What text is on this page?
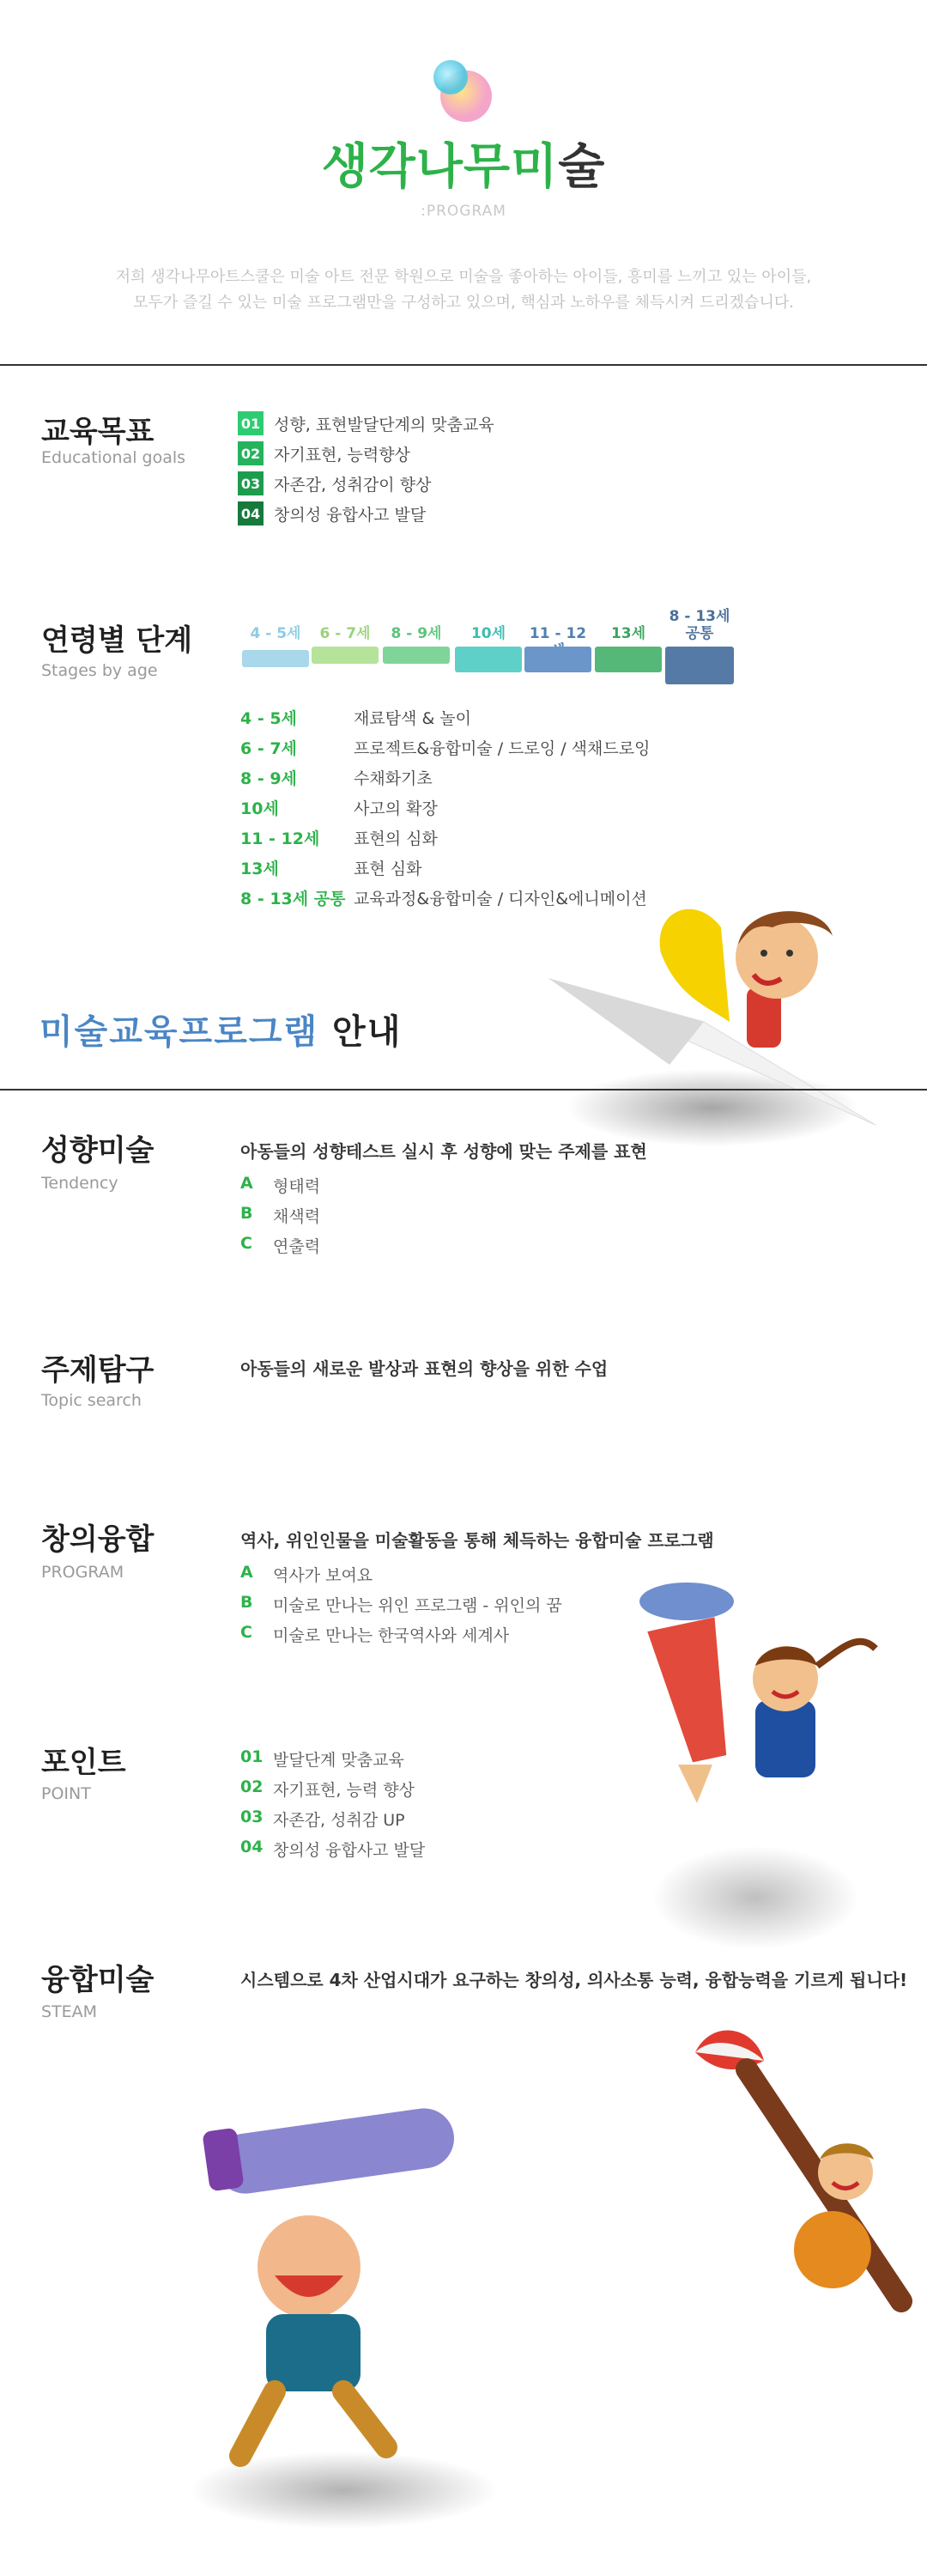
생각나무미술
:PROGRAM
저희 생각나무아트스쿨은 미술 아트 전문 학원으로 미술을 좋아하는 아이들, 흥미를 느끼고 있는 아이들,
모두가 즐길 수 있는 미술 프로그램만을 구성하고 있으며, 핵심과 노하우를 체득시켜 드리겠습니다.
교육목표
Educational goals
01 성향, 표현발달단계의 맞춤교육
02 자기표현, 능력향상
03 자존감, 성취감이 향상
04 창의성 융합사고 발달
연령별 단계
Stages by age
4 - 5세	6 - 7세	8 - 9세	10세	11 - 12	13세
8 - 13세
공통
4 - 5세	재료탐색 & 놀이
6 - 7세	프로젝트&융합미술 / 드로잉 / 색채드로잉
8 - 9세	수채화기초
10세	사고의 확장
11 - 12세 표현의 심화
13세	표현 심화
8 - 13세 공통 교육과정&융합미술 / 디자인&에니메이션
미술교육프로그램 안내
성향미술
Tendency
아동들의 성향테스트 실시 후 성향에 맞는 주제를 표현
A 형태력
B 채색력
C 연출력
주제탐구
Topic search
아동들의 새로운 발상과 표현의 향상을 위한 수업
창의융합
PROGRAM
역사, 위인인물을 미술활동을 통해 체득하는 융합미술 프로그램
A 역사가 보여요
B 미술로 만나는 위인 프로그램 - 위인의 꿈
C 미술로 만나는 한국역사와 세계사
포인트
POINT
01 발달단계 맞춤교육
02 자기표현, 능력 향상
03 자존감, 성취감 UP
04 창의성 융합사고 발달
융합미술
STEAM
시스템으로 4차 산업시대가 요구하는 창의성, 의사소통 능력, 융합능력을 기르게 됩니다!
